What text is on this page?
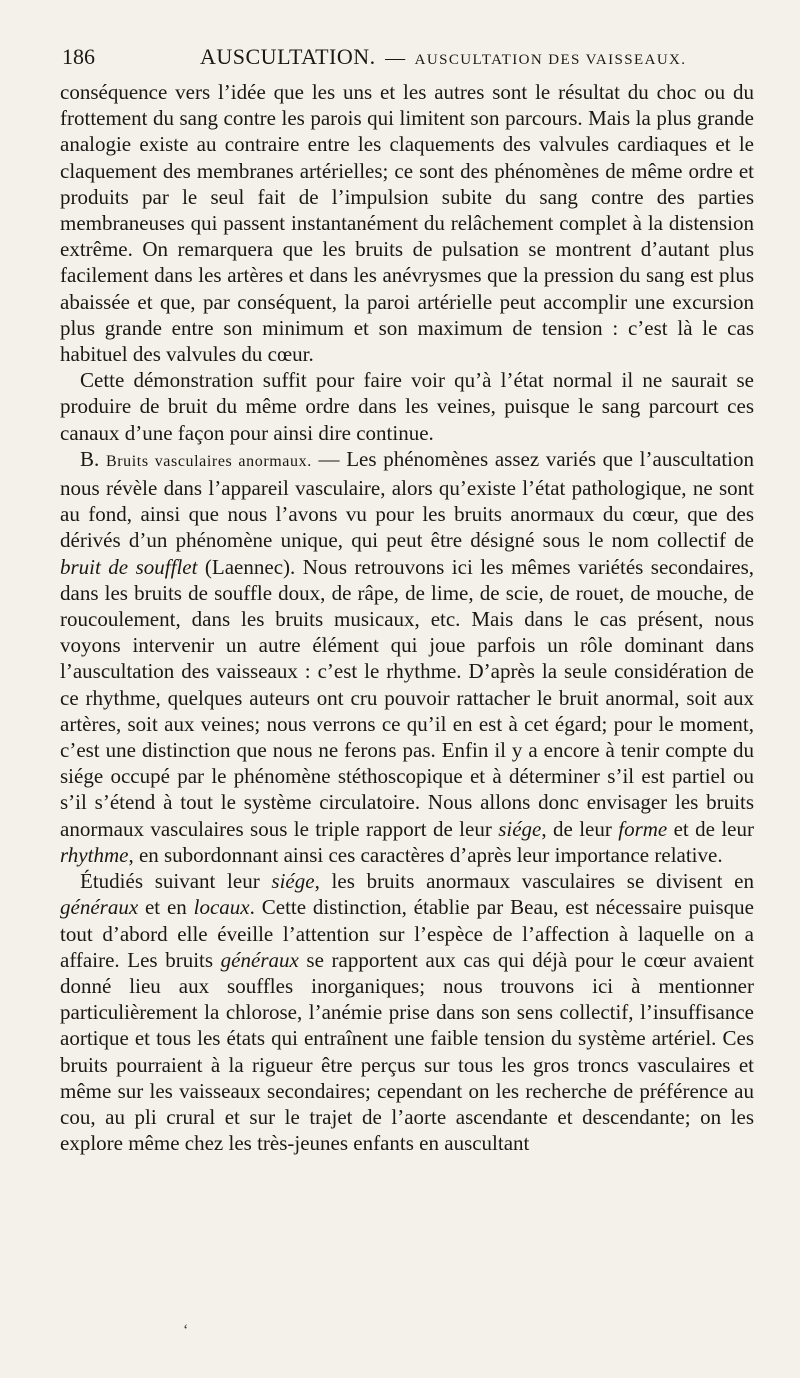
186	AUSCULTATION. — AUSCULTATION DES VAISSEAUX.

conséquence vers l’idée que les uns et les autres sont le résultat du choc ou du frottement du sang contre les parois qui limitent son parcours. Mais la plus grande analogie existe au contraire entre les claquements des valvules cardiaques et le claquement des membranes artérielles; ce sont des phénomènes de même ordre et produits par le seul fait de l’impulsion subite du sang contre des parties membraneuses qui passent instantanément du relâchement complet à la distension extrême. On remarquera que les bruits de pulsation se montrent d’autant plus facilement dans les artères et dans les anévrysmes que la pression du sang est plus abaissée et que, par conséquent, la paroi artérielle peut accomplir une excursion plus grande entre son minimum et son maximum de tension : c’est là le cas habituel des valvules du cœur.

Cette démonstration suffit pour faire voir qu’à l’état normal il ne saurait se produire de bruit du même ordre dans les veines, puisque le sang parcourt ces canaux d’une façon pour ainsi dire continue.

B. Bruits vasculaires anormaux. — Les phénomènes assez variés que l’auscultation nous révèle dans l’appareil vasculaire, alors qu’existe l’état pathologique, ne sont au fond, ainsi que nous l’avons vu pour les bruits anormaux du cœur, que des dérivés d’un phénomène unique, qui peut être désigné sous le nom collectif de bruit de soufflet (Laennec). Nous retrouvons ici les mêmes variétés secondaires, dans les bruits de souffle doux, de râpe, de lime, de scie, de rouet, de mouche, de roucoulement, dans les bruits musicaux, etc. Mais dans le cas présent, nous voyons intervenir un autre élément qui joue parfois un rôle dominant dans l’auscultation des vaisseaux : c’est le rhythme. D’après la seule considération de ce rhythme, quelques auteurs ont cru pouvoir rattacher le bruit anormal, soit aux artères, soit aux veines; nous verrons ce qu’il en est à cet égard; pour le moment, c’est une distinction que nous ne ferons pas. Enfin il y a encore à tenir compte du siége occupé par le phénomène stéthoscopique et à déterminer s’il est partiel ou s’il s’étend à tout le système circulatoire. Nous allons donc envisager les bruits anormaux vasculaires sous le triple rapport de leur siége, de leur forme et de leur rhythme, en subordonnant ainsi ces caractères d’après leur importance relative.

Étudiés suivant leur siége, les bruits anormaux vasculaires se divisent en généraux et en locaux. Cette distinction, établie par Beau, est nécessaire puisque tout d’abord elle éveille l’attention sur l’espèce de l’affection à laquelle on a affaire. Les bruits généraux se rapportent aux cas qui déjà pour le cœur avaient donné lieu aux souffles inorganiques; nous trouvons ici à mentionner particulièrement la chlorose, l’anémie prise dans son sens collectif, l’insuffisance aortique et tous les états qui entraînent une faible tension du système artériel. Ces bruits pourraient à la rigueur être perçus sur tous les gros troncs vasculaires et même sur les vaisseaux secondaires; cependant on les recherche de préférence au cou, au pli crural et sur le trajet de l’aorte ascendante et descendante; on les explore même chez les très-jeunes enfants en auscultant

‘
